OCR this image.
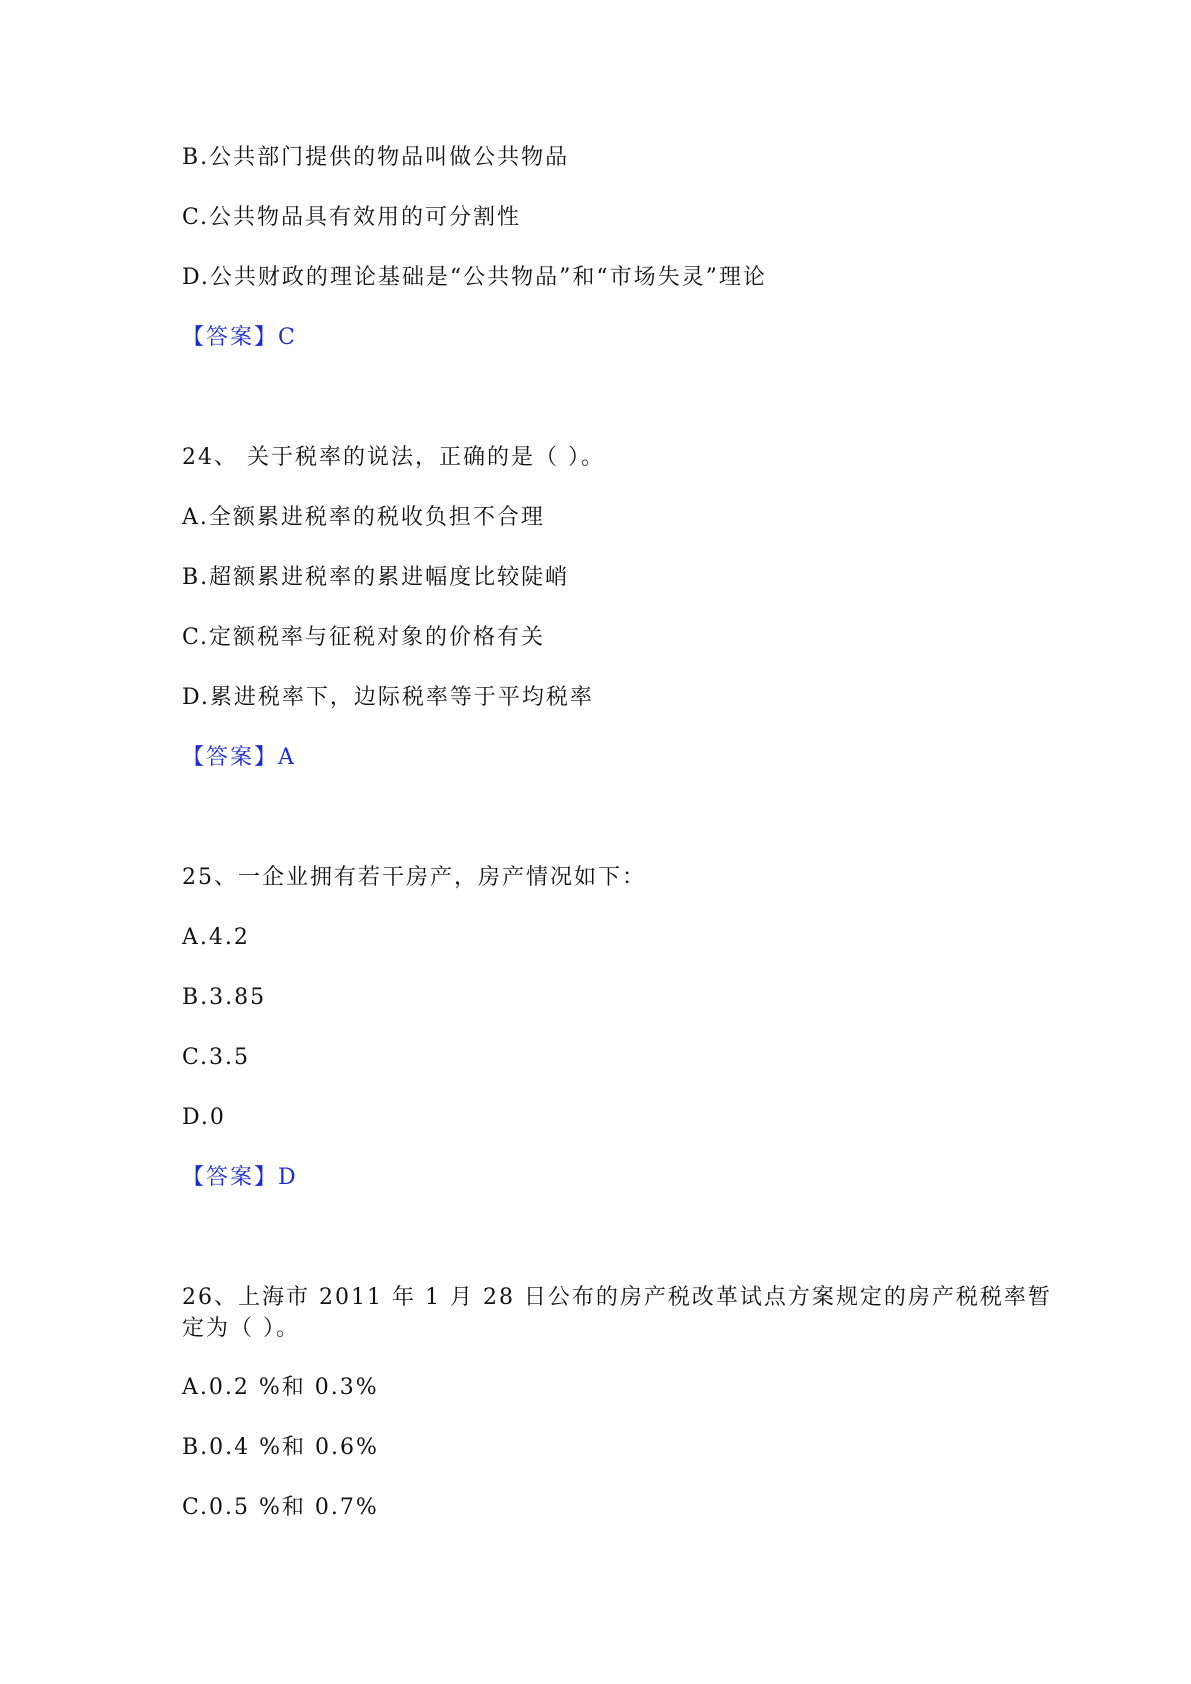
B.公共部门提供的物品叫做公共物品
C.公共物品具有效用的可分割性
D.公共财政的理论基础是“公共物品”和“市场失灵”理论
【答案】C
24、 关于税率的说法，正确的是（ ）。
A.全额累进税率的税收负担不合理
B.超额累进税率的累进幅度比较陡峭
C.定额税率与征税对象的价格有关
D.累进税率下，边际税率等于平均税率
【答案】A
25、一企业拥有若干房产，房产情况如下：
A.4.2
B.3.85
C.3.5
D.0
【答案】D
26、上海市 2011 年 1 月 28 日公布的房产税改革试点方案规定的房产税税率暂
定为（ ）。
A.0.2 %和 0.3%
B.0.4 %和 0.6%
C.0.5 %和 0.7%
